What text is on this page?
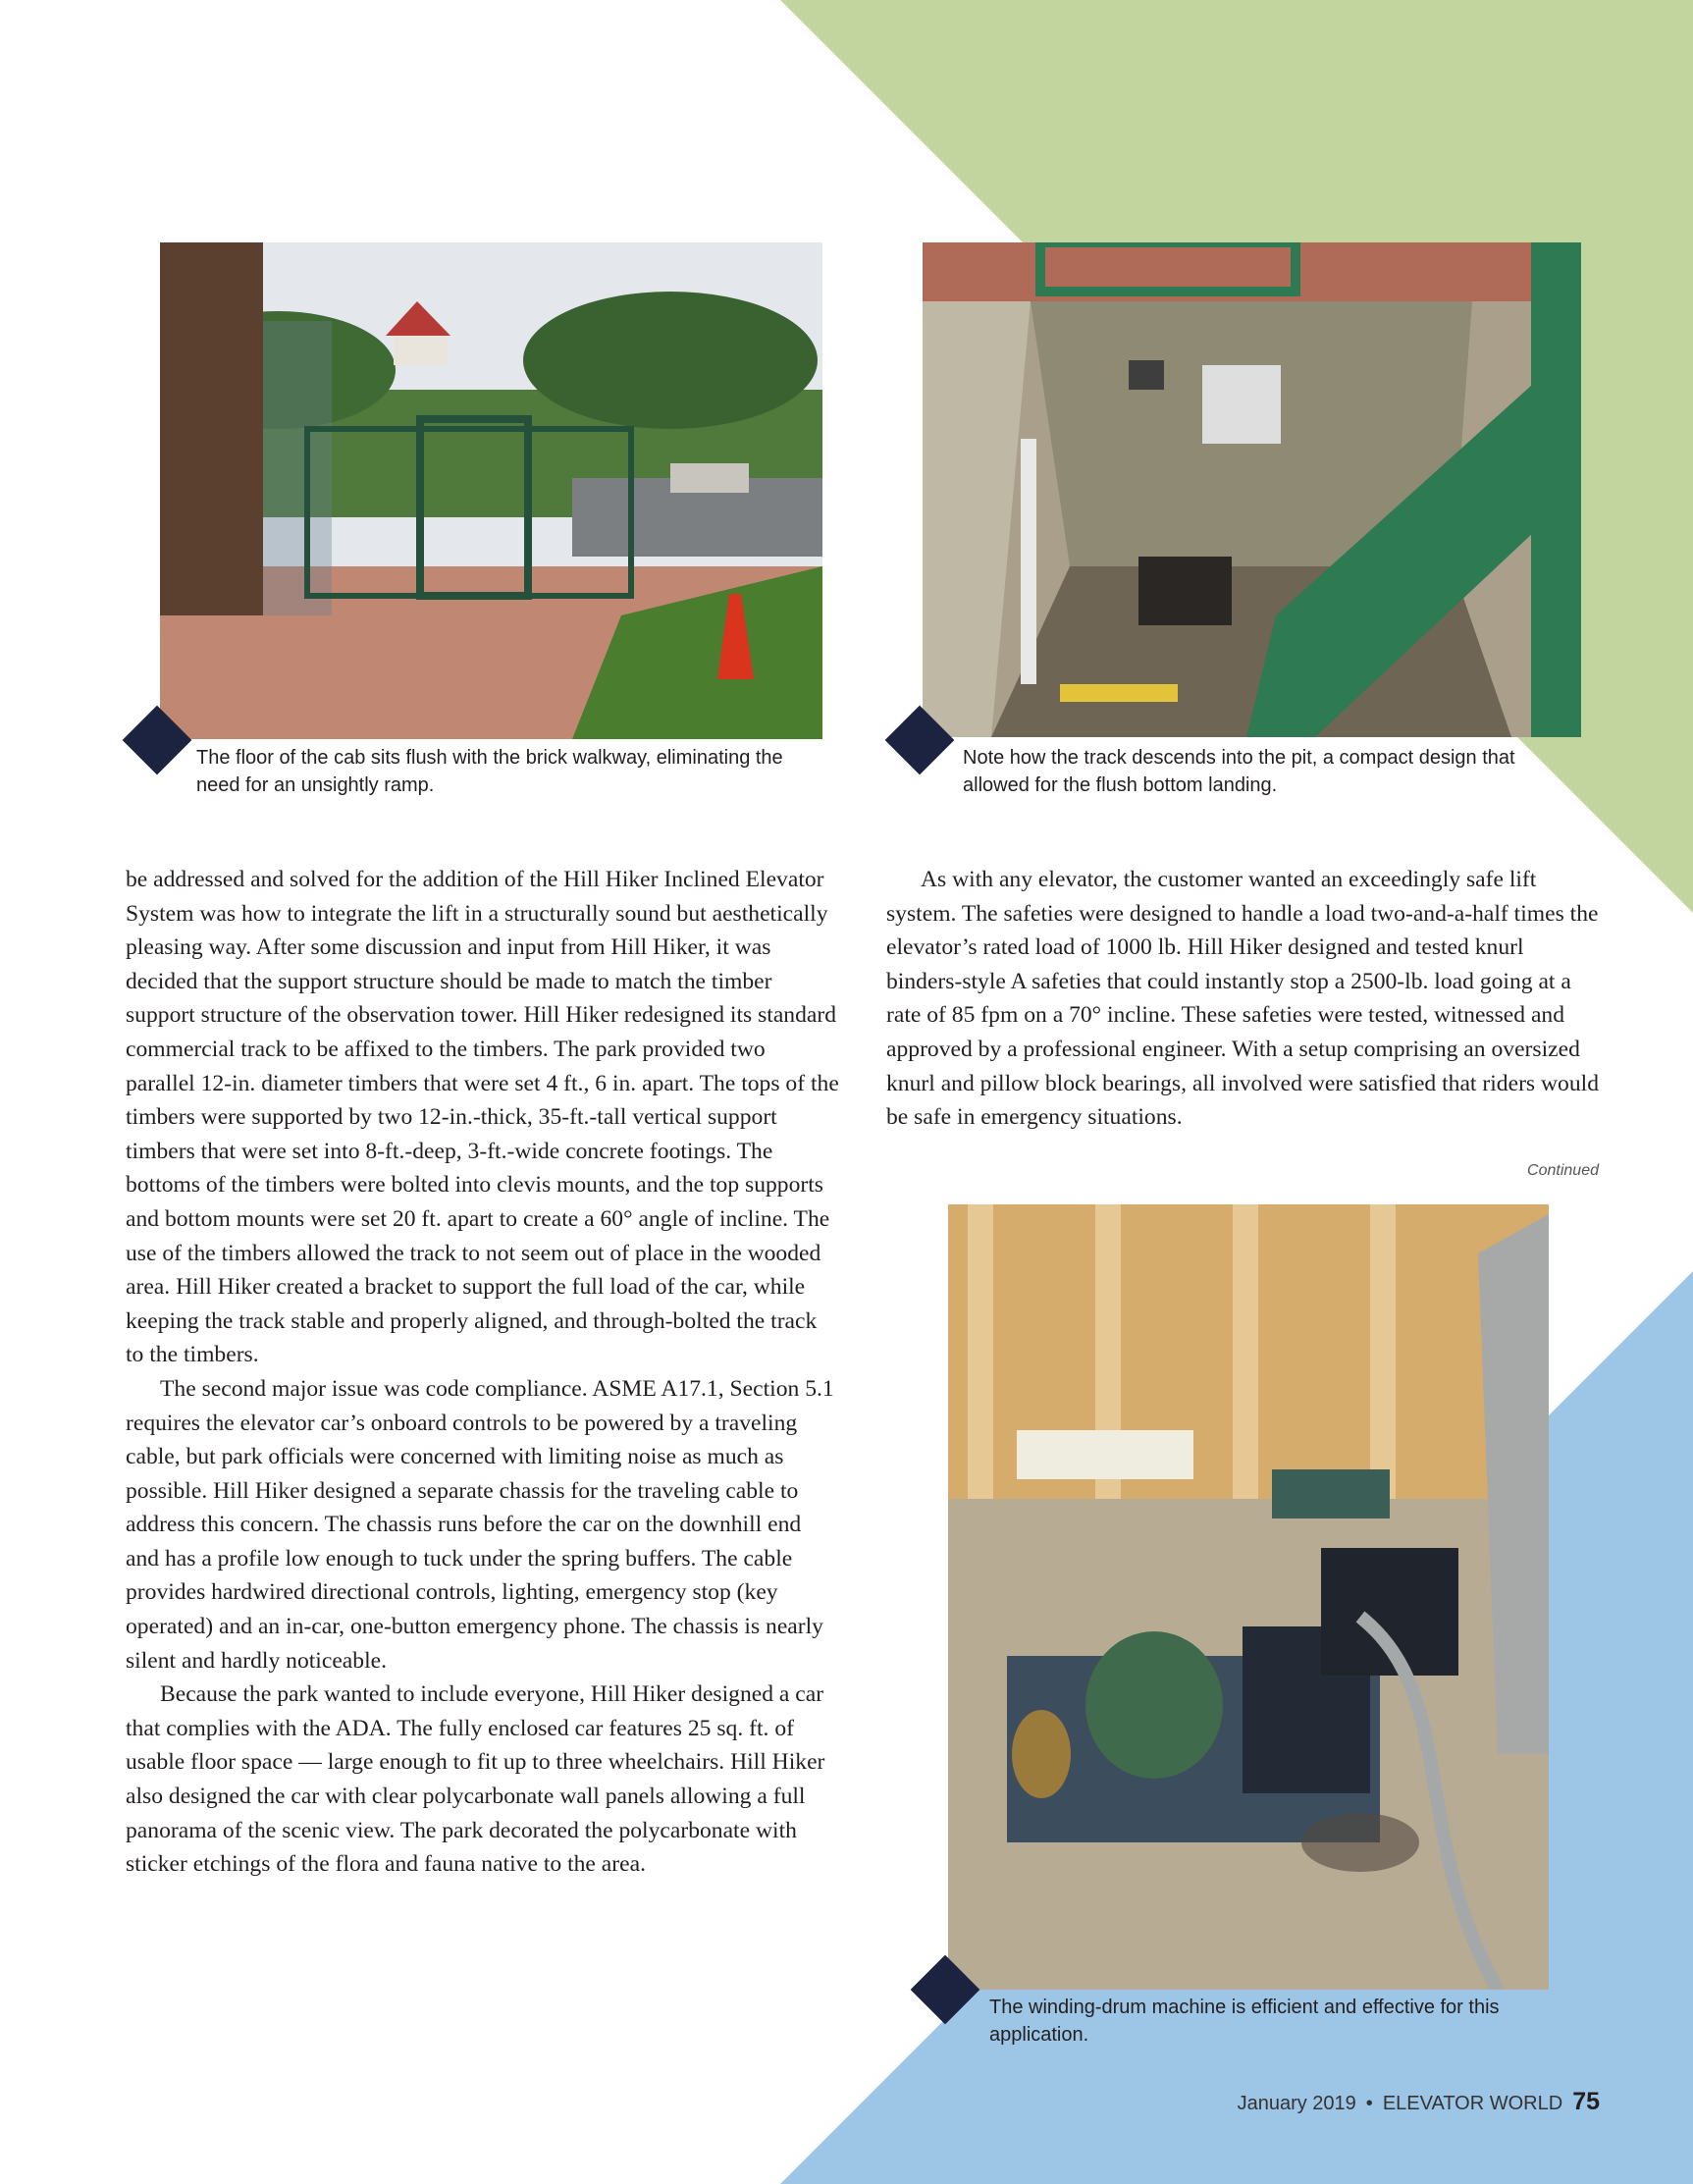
The floor of the cab sits flush with the brick walkway, eliminating the need for an unsightly ramp.
Note how the track descends into the pit, a compact design that allowed for the flush bottom landing.

be addressed and solved for the addition of the Hill Hiker Inclined Elevator System was how to integrate the lift in a structurally sound but aesthetically pleasing way. After some discussion and input from Hill Hiker, it was decided that the support structure should be made to match the timber support structure of the observation tower. Hill Hiker redesigned its standard commercial track to be affixed to the timbers. The park provided two parallel 12-in. diameter timbers that were set 4 ft., 6 in. apart. The tops of the timbers were supported by two 12-in.-thick, 35-ft.-tall vertical support timbers that were set into 8-ft.-deep, 3-ft.-wide concrete footings. The bottoms of the timbers were bolted into clevis mounts, and the top supports and bottom mounts were set 20 ft. apart to create a 60° angle of incline. The use of the timbers allowed the track to not seem out of place in the wooded area. Hill Hiker created a bracket to support the full load of the car, while keeping the track stable and properly aligned, and through-bolted the track to the timbers.

The second major issue was code compliance. ASME A17.1, Section 5.1 requires the elevator car’s onboard controls to be powered by a traveling cable, but park officials were concerned with limiting noise as much as possible. Hill Hiker designed a separate chassis for the traveling cable to address this concern. The chassis runs before the car on the downhill end and has a profile low enough to tuck under the spring buffers. The cable provides hardwired directional controls, lighting, emergency stop (key operated) and an in-car, one-button emergency phone. The chassis is nearly silent and hardly noticeable.

Because the park wanted to include everyone, Hill Hiker designed a car that complies with the ADA. The fully enclosed car features 25 sq. ft. of usable floor space — large enough to fit up to three wheelchairs. Hill Hiker also designed the car with clear polycarbonate wall panels allowing a full panorama of the scenic view. The park decorated the polycarbonate with sticker etchings of the flora and fauna native to the area.

As with any elevator, the customer wanted an exceedingly safe lift system. The safeties were designed to handle a load two-and-a-half times the elevator’s rated load of 1000 lb. Hill Hiker designed and tested knurl binders-style A safeties that could instantly stop a 2500-lb. load going at a rate of 85 fpm on a 70° incline. These safeties were tested, witnessed and approved by a professional engineer. With a setup comprising an oversized knurl and pillow block bearings, all involved were satisfied that riders would be safe in emergency situations.

Continued
The winding-drum machine is efficient and effective for this application.
January 2019 • ELEVATOR WORLD 75
